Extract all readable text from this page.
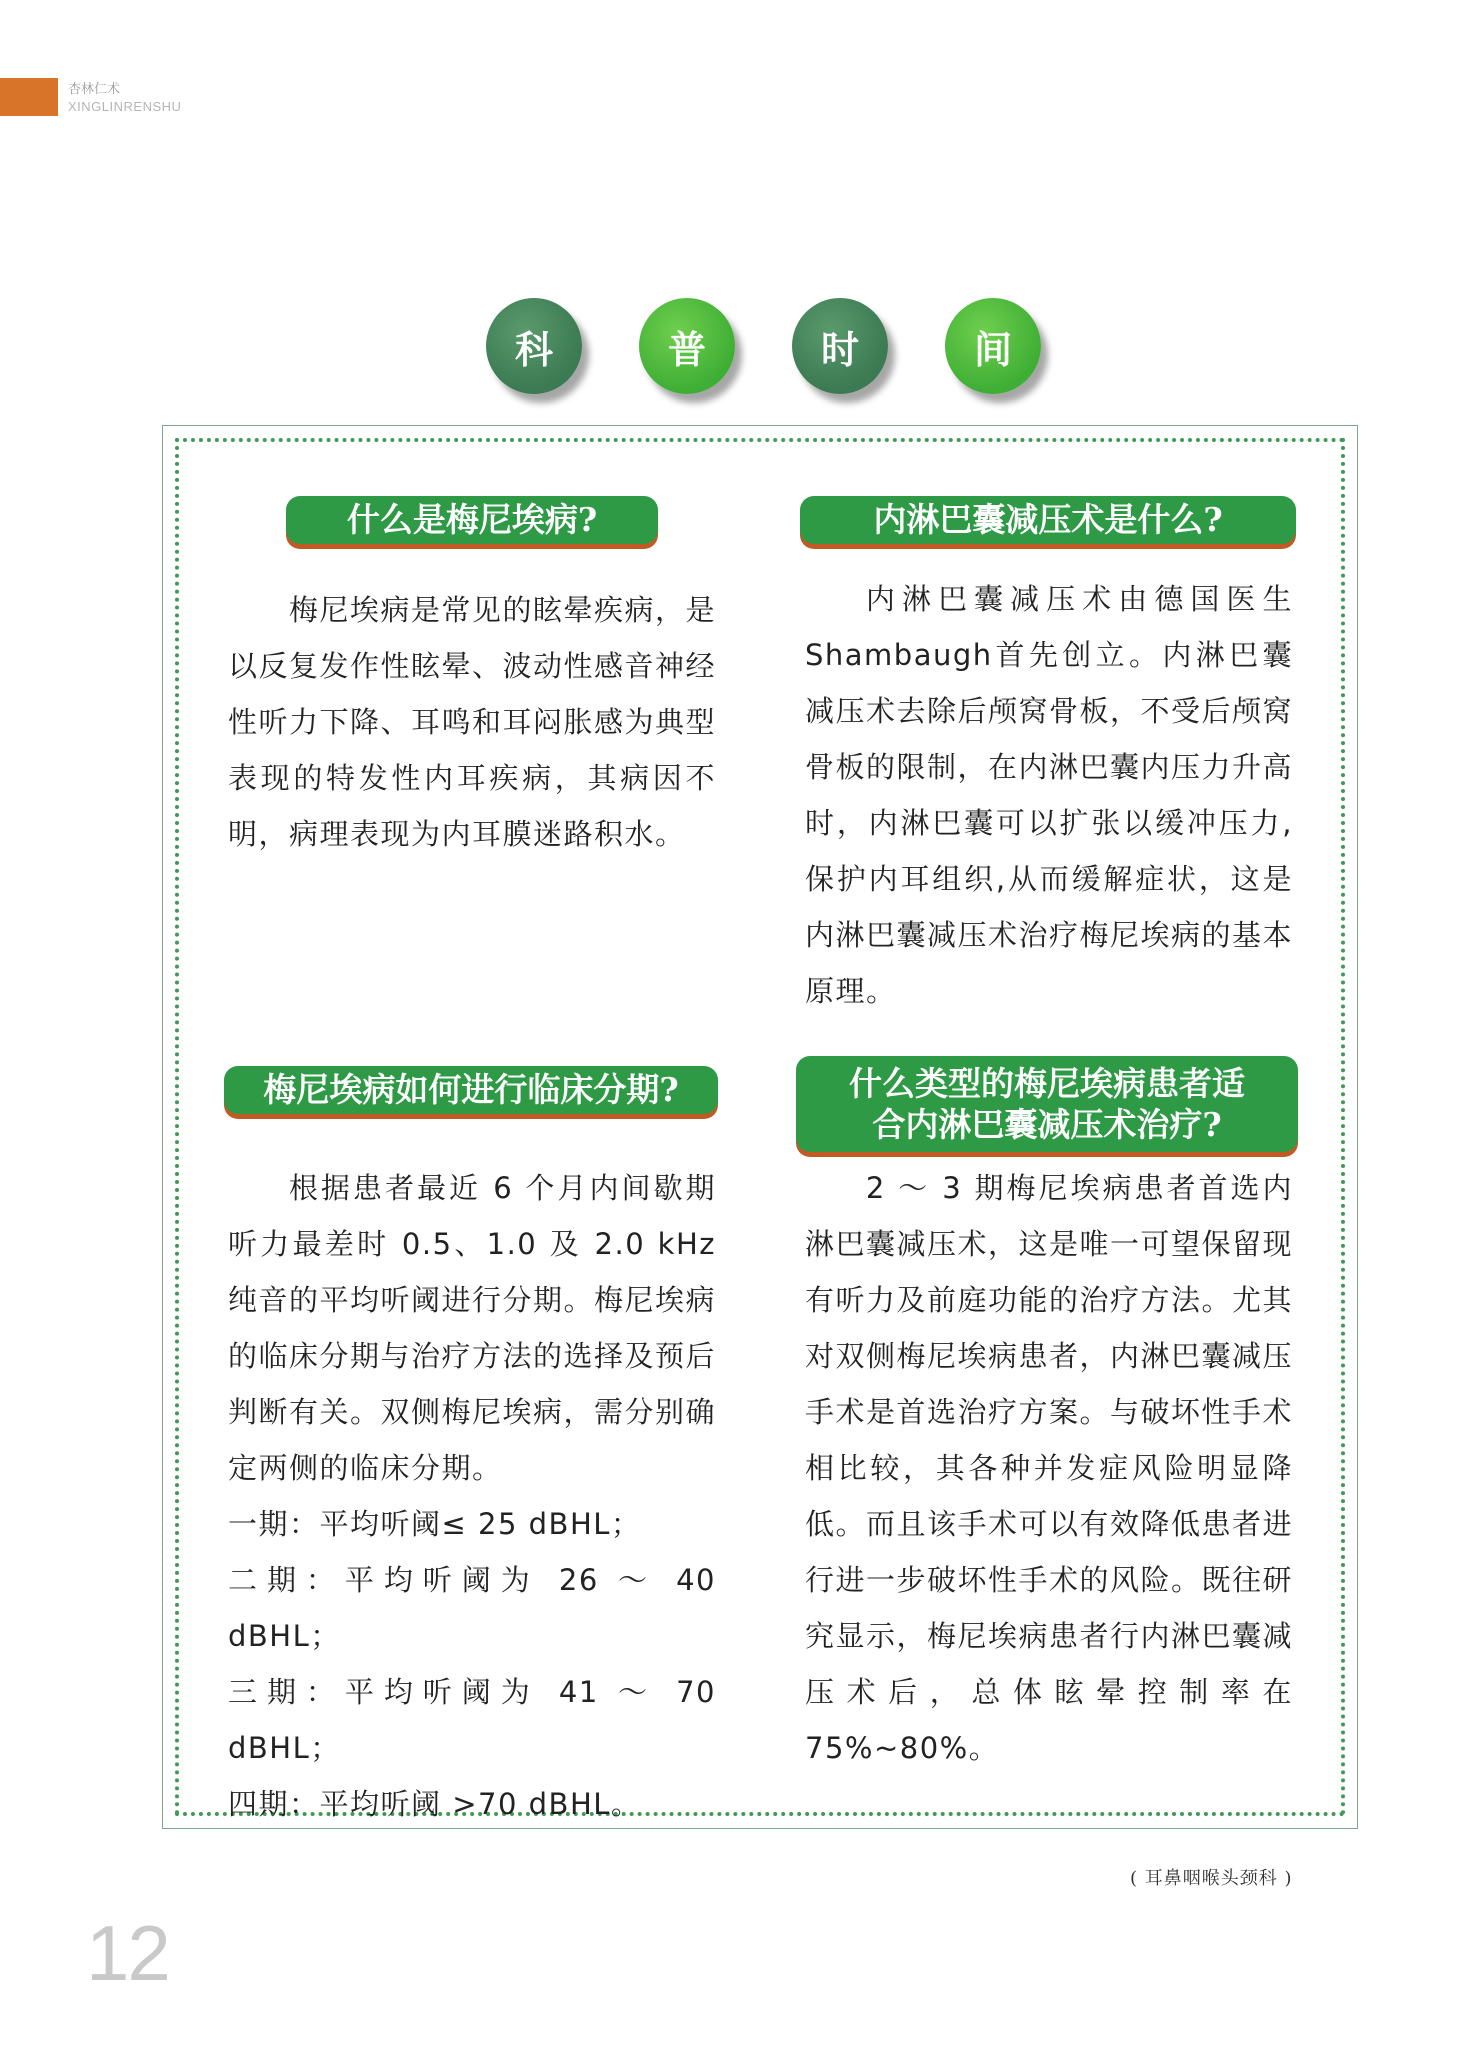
杏林仁术
XINGLINRENSHU
科	普	时	间
什么是梅尼埃病?

梅尼埃病是常见的眩晕疾病，是以反复发作性眩晕、波动性感音神经性听力下降、耳鸣和耳闷胀感为典型表现的特发性内耳疾病，其病因不明，病理表现为内耳膜迷路积水。

内淋巴囊减压术是什么?

内淋巴囊减压术由德国医生Shambaugh首先创立。内淋巴囊减压术去除后颅窝骨板，不受后颅窝骨板的限制，在内淋巴囊内压力升高时，内淋巴囊可以扩张以缓冲压力,保护内耳组织,从而缓解症状，这是内淋巴囊减压术治疗梅尼埃病的基本原理。

梅尼埃病如何进行临床分期?

根据患者最近 6 个月内间歇期听力最差时 0.5、1.0 及 2.0 kHz 纯音的平均听阈进行分期。梅尼埃病的临床分期与治疗方法的选择及预后判断有关。双侧梅尼埃病，需分别确定两侧的临床分期。

一期：平均听阈≤ 25 dBHL；

二期：平均听阈为 26 ～ 40 dBHL；

三期：平均听阈为 41 ～ 70 dBHL；

四期：平均听阈 >70 dBHL。

什么类型的梅尼埃病患者适
合内淋巴囊减压术治疗?

2 ～ 3 期梅尼埃病患者首选内淋巴囊减压术，这是唯一可望保留现有听力及前庭功能的治疗方法。尤其对双侧梅尼埃病患者，内淋巴囊减压手术是首选治疗方案。与破坏性手术相比较，其各种并发症风险明显降低。而且该手术可以有效降低患者进行进一步破坏性手术的风险。既往研究显示，梅尼埃病患者行内淋巴囊减压术后，总体眩晕控制率在 75%~80%。

( 耳鼻咽喉头颈科 )
12
